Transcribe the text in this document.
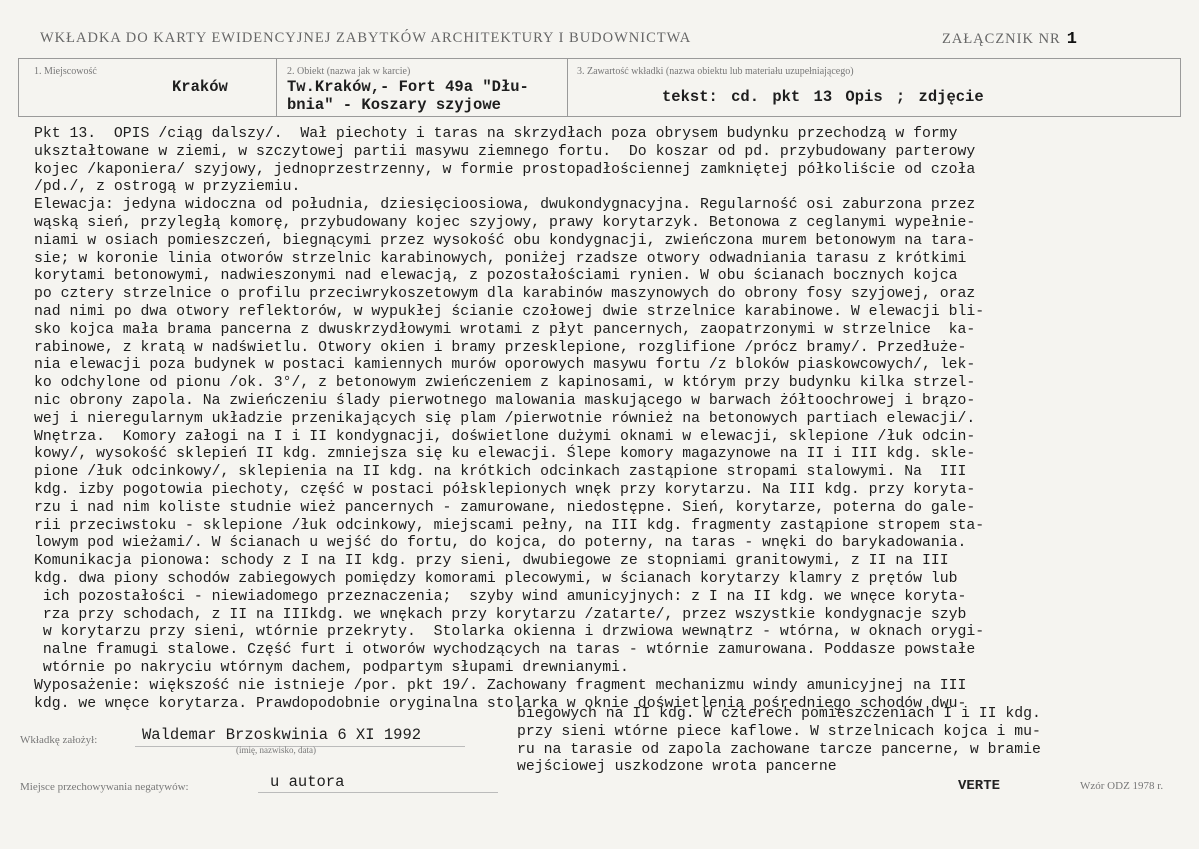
WKŁADKA DO KARTY EWIDENCYJNEJ ZABYTKÓW ARCHITEKTURY I BUDOWNICTWA	ZAŁĄCZNIK NR 1
1. Miejscowość
Kraków
2. Obiekt (nazwa jak w karcie)
Tw.Kraków,- Fort 49a "Dłu-
bnia" - Koszary szyjowe
3. Zawartość wkładki (nazwa obiektu lub materiału uzupełniającego)
tekst: cd. pkt 13 Opis ; zdjęcie
Pkt 13.  OPIS /ciąg dalszy/.  Wał piechoty i taras na skrzydłach poza obrysem budynku przechodzą w formy
ukształtowane w ziemi, w szczytowej partii masywu ziemnego fortu.  Do koszar od pd. przybudowany parterowy
kojec /kaponiera/ szyjowy, jednoprzestrzenny, w formie prostopadłościennej zamkniętej półkoliście od czoła
/pd./, z ostrogą w przyziemiu.
Elewacja: jedyna widoczna od południa, dziesięcioosiowa, dwukondygnacyjna. Regularność osi zaburzona przez
wąską sień, przyległą komorę, przybudowany kojec szyjowy, prawy korytarzyk. Betonowa z ceglanymi wypełnie-
niami w osiach pomieszczeń, biegnącymi przez wysokość obu kondygnacji, zwieńczona murem betonowym na tara-
sie; w koronie linia otworów strzelnic karabinowych, poniżej rzadsze otwory odwadniania tarasu z krótkimi
korytami betonowymi, nadwieszonymi nad elewacją, z pozostałościami rynien. W obu ścianach bocznych kojca
po cztery strzelnice o profilu przeciwrykoszetowym dla karabinów maszynowych do obrony fosy szyjowej, oraz
nad nimi po dwa otwory reflektorów, w wypukłej ścianie czołowej dwie strzelnice karabinowe. W elewacji bli-
sko kojca mała brama pancerna z dwuskrzydłowymi wrotami z płyt pancernych, zaopatrzonymi w strzelnice  ka-
rabinowe, z kratą w nadświetlu. Otwory okien i bramy przesklepione, rozglifione /prócz bramy/. Przedłuże-
nia elewacji poza budynek w postaci kamiennych murów oporowych masywu fortu /z bloków piaskowcowych/, lek-
ko odchylone od pionu /ok. 3°/, z betonowym zwieńczeniem z kapinosami, w którym przy budynku kilka strzel-
nic obrony zapola. Na zwieńczeniu ślady pierwotnego malowania maskującego w barwach żółtoochrowej i brązo-
wej i nieregularnym układzie przenikających się plam /pierwotnie również na betonowych partiach elewacji/.
Wnętrza.  Komory załogi na I i II kondygnacji, doświetlone dużymi oknami w elewacji, sklepione /łuk odcin-
kowy/, wysokość sklepień II kdg. zmniejsza się ku elewacji. Ślepe komory magazynowe na II i III kdg. skle-
pione /łuk odcinkowy/, sklepienia na II kdg. na krótkich odcinkach zastąpione stropami stalowymi. Na  III
kdg. izby pogotowia piechoty, część w postaci półsklepionych wnęk przy korytarzu. Na III kdg. przy koryta-
rzu i nad nim koliste studnie wież pancernych - zamurowane, niedostępne. Sień, korytarze, poterna do gale-
rii przeciwstoku - sklepione /łuk odcinkowy, miejscami pełny, na III kdg. fragmenty zastąpione stropem sta-
lowym pod wieżami/. W ścianach u wejść do fortu, do kojca, do poterny, na taras - wnęki do barykadowania.
Komunikacja pionowa: schody z I na II kdg. przy sieni, dwubiegowe ze stopniami granitowymi, z II na III
kdg. dwa piony schodów zabiegowych pomiędzy komorami plecowymi, w ścianach korytarzy klamry z prętów lub
ich pozostałości - niewiadomego przeznaczenia;  szyby wind amunicyjnych: z I na II kdg. we wnęce koryta-
rza przy schodach, z II na IIIkdg. we wnękach przy korytarzu /zatarte/, przez wszystkie kondygnacje szyb
w korytarzu przy sieni, wtórnie przekryty.  Stolarka okienna i drzwiowa wewnątrz - wtórna, w oknach orygi-
nalne framugi stalowe. Część furt i otworów wychodzących na taras - wtórnie zamurowana. Poddasze powstałe
wtórnie po nakryciu wtórnym dachem, podpartym słupami drewnianymi.
Wyposażenie: większość nie istnieje /por. pkt 19/. Zachowany fragment mechanizmu windy amunicyjnej na III
kdg. we wnęce korytarza. Prawdopodobnie oryginalna stolarka w oknie doświetlenia pośredniego schodów dwu-
biegowych na II kdg. W czterech pomieszczeniach I i II kdg.
przy sieni wtórne piece kaflowe. W strzelnicach kojca i mu-
ru na tarasie od zapola zachowane tarcze pancerne, w bramie
wejściowej uszkodzone wrota pancerne
Wkładkę założył:	Waldemar Brzoskwinia 6 XI 1992
(imię, nazwisko, data)
Miejsce przechowywania negatywów:	u autora	VERTE	Wzór ODZ 1978 r.
